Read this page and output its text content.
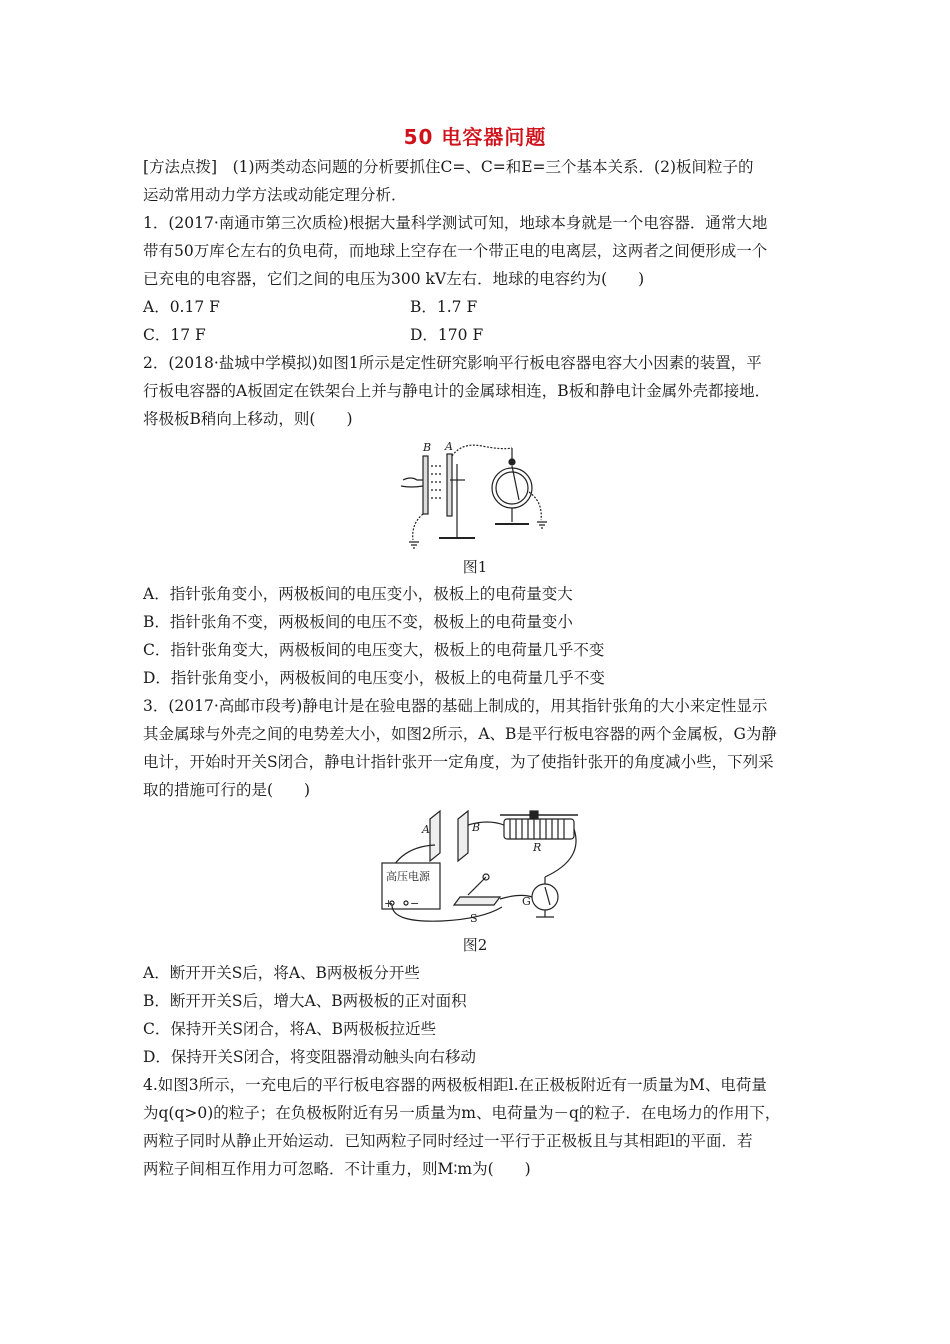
50 电容器问题
[方法点拨]　(1)两类动态问题的分析要抓住C=、C=和E=三个基本关系．(2)板间粒子的
运动常用动力学方法或动能定理分析．
1．(2017·南通市第三次质检)根据大量科学测试可知，地球本身就是一个电容器．通常大地
带有50万库仑左右的负电荷，而地球上空存在一个带正电的电离层，这两者之间便形成一个
已充电的电容器，它们之间的电压为300 kV左右．地球的电容约为(　　)
A．0.17 F	B．1.7 F
C．17 F	D．170 F
2．(2018·盐城中学模拟)如图1所示是定性研究影响平行板电容器电容大小因素的装置，平
行板电容器的A板固定在铁架台上并与静电计的金属球相连，B板和静电计金属外壳都接地．
将极板B稍向上移动，则(　　)
B A
图1
A．指针张角变小，两极板间的电压变小，极板上的电荷量变大
B．指针张角不变，两极板间的电压不变，极板上的电荷量变小
C．指针张角变大，两极板间的电压变大，极板上的电荷量几乎不变
D．指针张角变小，两极板间的电压变小，极板上的电荷量几乎不变
3．(2017·高邮市段考)静电计是在验电器的基础上制成的，用其指针张角的大小来定性显示
其金属球与外壳之间的电势差大小，如图2所示，A、B是平行板电容器的两个金属板，G为静
电计，开始时开关S闭合，静电计指针张开一定角度，为了使指针张开的角度减小些，下列采
取的措施可行的是(　　)
A	B
R
高压电源
+ −
S
G
图2
A．断开开关S后，将A、B两极板分开些
B．断开开关S后，增大A、B两极板的正对面积
C．保持开关S闭合，将A、B两极板拉近些
D．保持开关S闭合，将变阻器滑动触头向右移动
4.如图3所示，一充电后的平行板电容器的两极板相距l.在正极板附近有一质量为M、电荷量
为q(q>0)的粒子；在负极板附近有另一质量为m、电荷量为－q的粒子．在电场力的作用下，
两粒子同时从静止开始运动．已知两粒子同时经过一平行于正极板且与其相距l的平面．若
两粒子间相互作用力可忽略．不计重力，则M∶m为(　　)
